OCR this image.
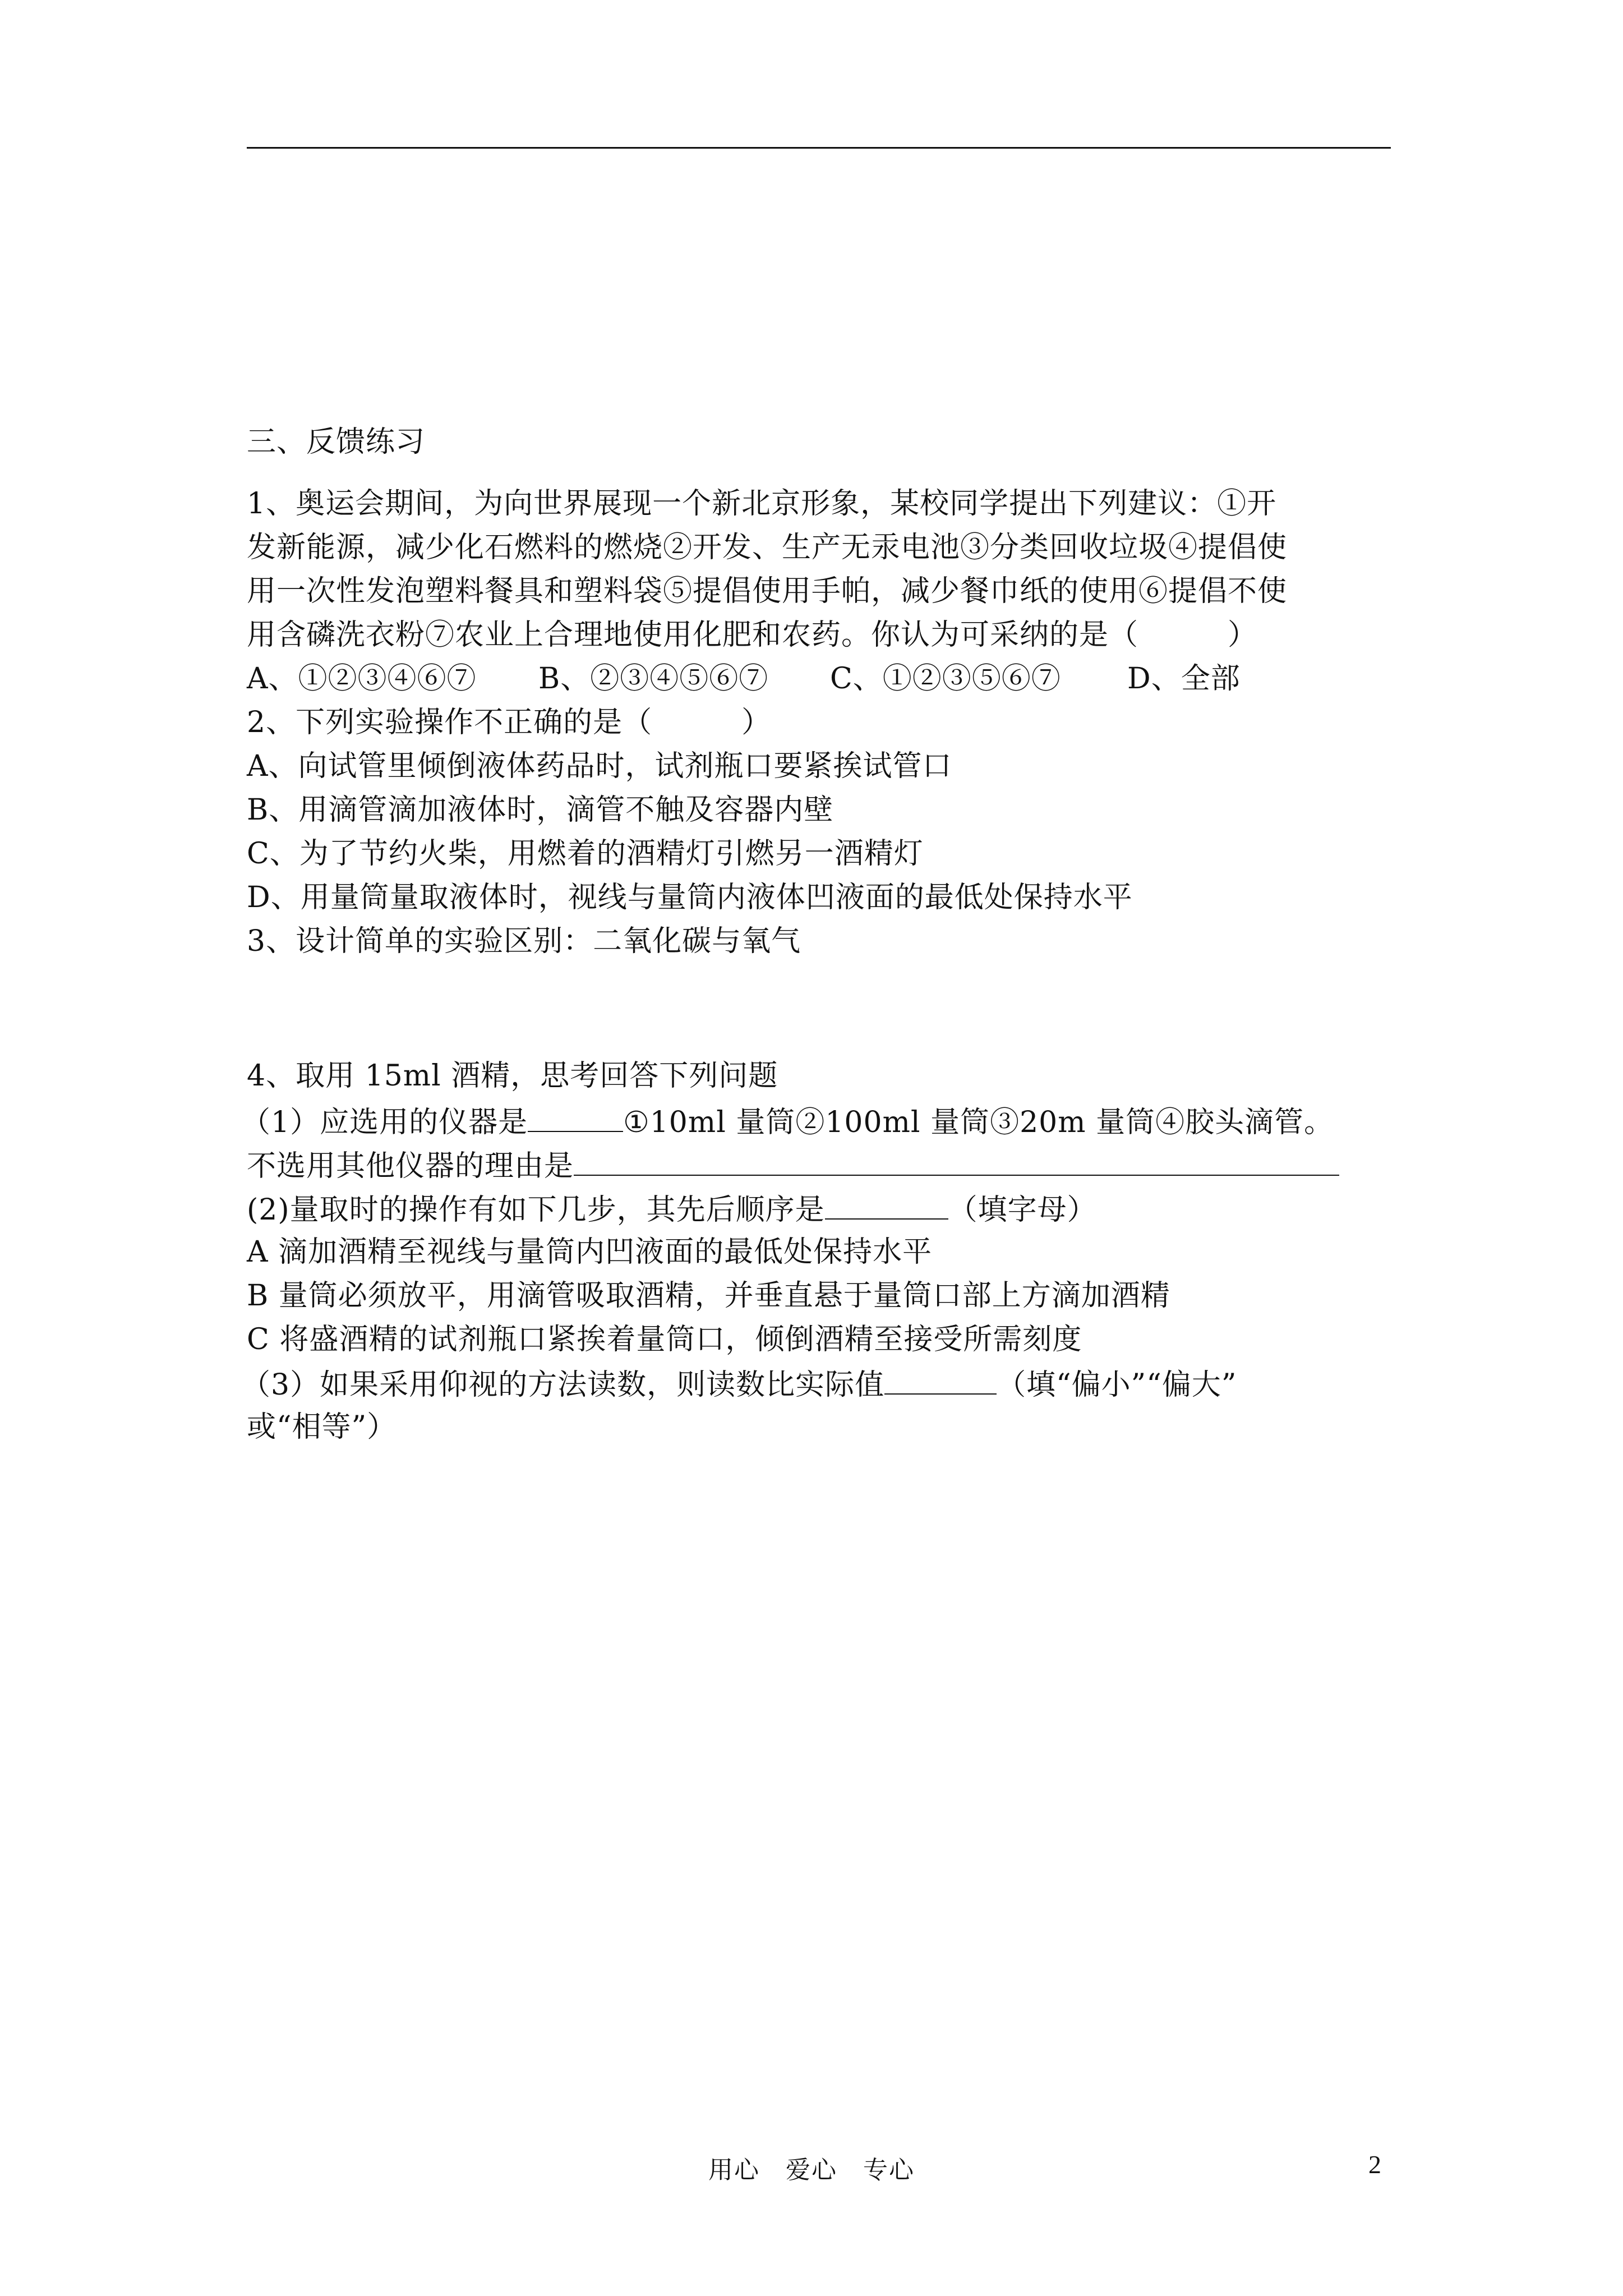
三、反馈练习
1、奥运会期间，为向世界展现一个新北京形象，某校同学提出下列建议：①开
发新能源，减少化石燃料的燃烧②开发、生产无汞电池③分类回收垃圾④提倡使
用一次性发泡塑料餐具和塑料袋⑤提倡使用手帕，减少餐巾纸的使用⑥提倡不使
用含磷洗衣粉⑦农业上合理地使用化肥和农药。你认为可采纳的是（　　　）
A、①②③④⑥⑦ B、②③④⑤⑥⑦ C、①②③⑤⑥⑦ D、全部
2、下列实验操作不正确的是（　　　）
A、向试管里倾倒液体药品时，试剂瓶口要紧挨试管口
B、用滴管滴加液体时，滴管不触及容器内壁
C、为了节约火柴，用燃着的酒精灯引燃另一酒精灯
D、用量筒量取液体时，视线与量筒内液体凹液面的最低处保持水平
3、设计简单的实验区别：二氧化碳与氧气
4、取用 15ml 酒精，思考回答下列问题
（1）应选用的仪器是	①10ml 量筒②100ml 量筒③20m 量筒④胶头滴管。
不选用其他仪器的理由是
(2)量取时的操作有如下几步，其先后顺序是	（填字母）
A 滴加酒精至视线与量筒内凹液面的最低处保持水平
B 量筒必须放平，用滴管吸取酒精，并垂直悬于量筒口部上方滴加酒精
C 将盛酒精的试剂瓶口紧挨着量筒口，倾倒酒精至接受所需刻度
（3）如果采用仰视的方法读数，则读数比实际值	（填“偏小”“偏大”
或“相等”）
用心　爱心　专心	2
